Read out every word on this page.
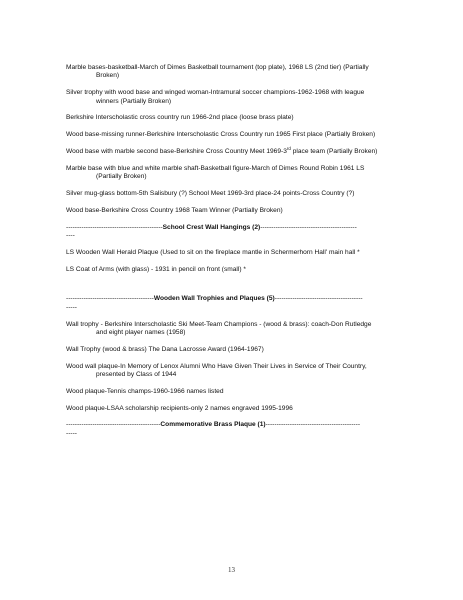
Marble bases-basketball-March of Dimes Basketball tournament (top plate), 1968 LS (2nd tier) (Partially
Broken)
Silver trophy with wood base and winged woman-Intramural soccer champions-1962-1968 with league
winners (Partially Broken)
Berkshire Interscholastic cross country run 1966-2nd place (loose brass plate)
Wood base-missing runner-Berkshire Interscholastic Cross Country run 1965 First place (Partially Broken)
Wood base with marble second base-Berkshire Cross Country Meet 1969-3rd place team (Partially Broken)
Marble base with blue and white marble shaft-Basketball figure-March of Dimes Round Robin 1961 LS
(Partially Broken)
Silver mug-glass bottom-5th Salisbury (?) School Meet 1969-3rd place-24 points-Cross Country (?)
Wood base-Berkshire Cross Country 1968 Team Winner (Partially Broken)
--------------------------------------------School Crest Wall Hangings (2)--------------------------------------------
----
LS Wooden Wall Herald Plaque (Used to sit on the fireplace mantle in Schermerhorn Hall' main hall *
LS Coat of Arms (with glass) - 1931 in pencil on front (small) *
----------------------------------------Wooden Wall Trophies and Plaques (5)----------------------------------------
-----
Wall trophy - Berkshire Interscholastic Ski Meet-Team Champions - (wood & brass): coach-Don Rutledge
and eight player names (1958)
Wall Trophy (wood & brass) The Dana Lacrosse Award (1964-1967)
Wood wall plaque-In Memory of Lenox Alumni Who Have Given Their Lives in Service of Their Country,
presented by Class of 1944
Wood plaque-Tennis champs-1960-1966 names listed
Wood plaque-LSAA scholarship recipients-only 2 names engraved 1995-1996
-------------------------------------------Commemorative Brass Plaque (1)-------------------------------------------
-----
13
